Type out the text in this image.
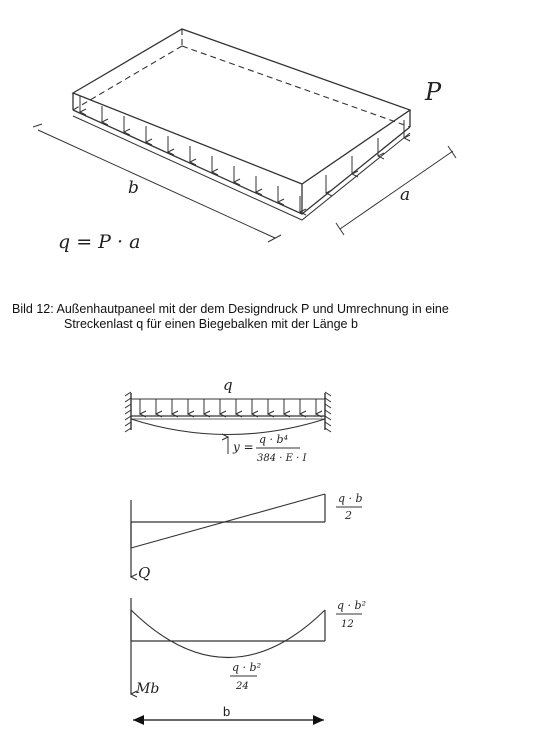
P
b	a
q = P · a
q
y =
q · b⁴
384 · E · I
q · b
2
Q
q · b²
12
q · b²
24
Mb
b
Bild 12: Außenhautpaneel mit der dem Designdruck P und Umrechnung in eine
Streckenlast q für einen Biegebalken mit der Länge b
